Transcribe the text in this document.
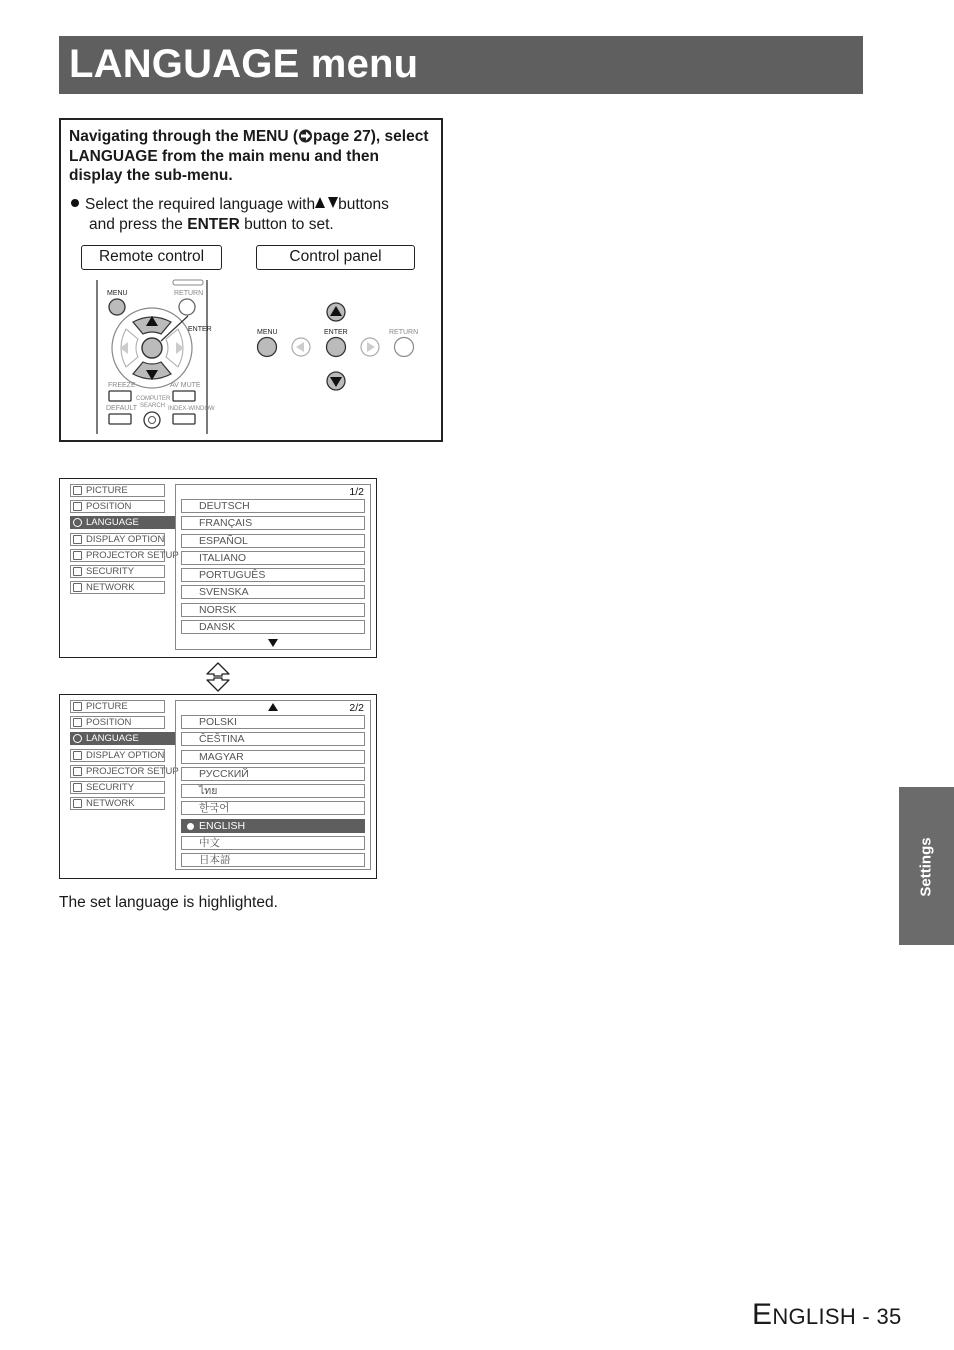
LANGUAGE menu
Navigating through the MENU ( page 27), select LANGUAGE from the main menu and then display the sub-menu.
Select the required language with buttons
and press the ENTER button to set.
Remote control	Control panel
MENU	RETURN
ENTER
FREEZE	AV MUTE
COMPUTER
SEARCH
DEFAULT	INDEX-WINDOW
MENU	ENTER	RETURN
PICTURE
POSITION
LANGUAGE
DISPLAY OPTION
PROJECTOR SETUP
SECURITY
NETWORK
1/2
DEUTSCH
FRANÇAIS
ESPAÑOL
ITALIANO
PORTUGUÊS
SVENSKA
NORSK
DANSK
PICTURE
POSITION
LANGUAGE
DISPLAY OPTION
PROJECTOR SETUP
SECURITY
NETWORK
2/2
POLSKI
ČEŠTINA
MAGYAR
РУССКИЙ
ไทย
한국어
ENGLISH
中文
日本語
The set language is highlighted.
Settings
ENGLISH - 35
